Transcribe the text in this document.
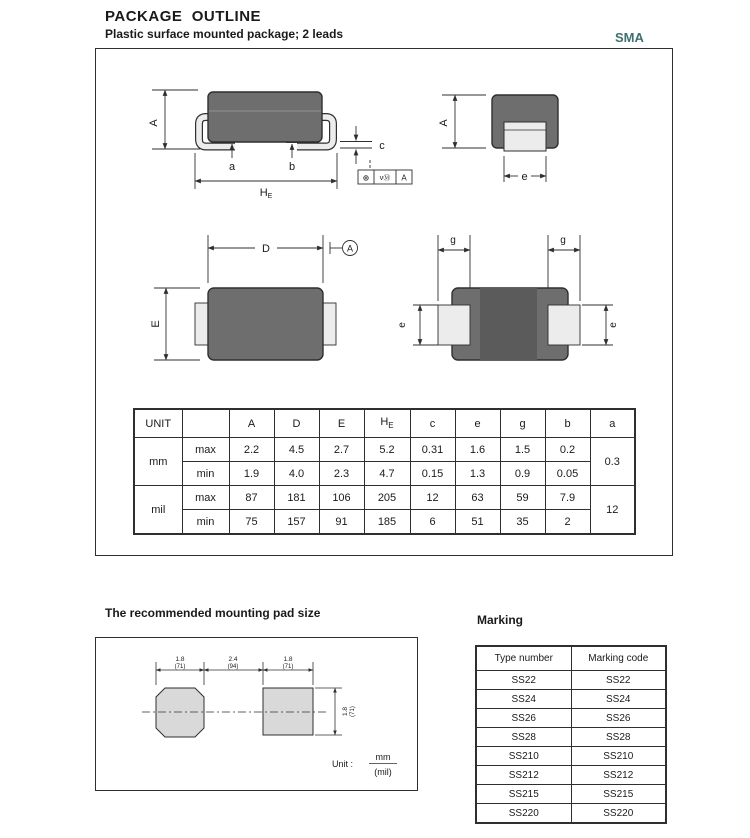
PACKAGE  OUTLINE
Plastic surface mounted package; 2 leads	SMA
A
a	b
HE
c
⊕ vⓂ A
A
e
D	A
E
g	g
e	e
UNIT		A	D	E	$H_E$	c	e	g	b	a
mm	max	2.2	4.5	2.7	5.2	0.31	1.6	1.5	0.2	0.3
	min	1.9	4.0	2.3	4.7	0.15	1.3	0.9	0.05	
mil	max	87	181	106	205	12	63	59	7.9	12
	min	75	157	91	185	6	51	35	2	
The recommended mounting pad size
1.8
(71)
2.4
(94)
1.8
(71)
1.8 (71)
Unit :
mm
(mil)
Marking
Type number	Marking code
SS22	SS22
SS24	SS24
SS26	SS26
SS28	SS28
SS210	SS210
SS212	SS212
SS215	SS215
SS220	SS220
